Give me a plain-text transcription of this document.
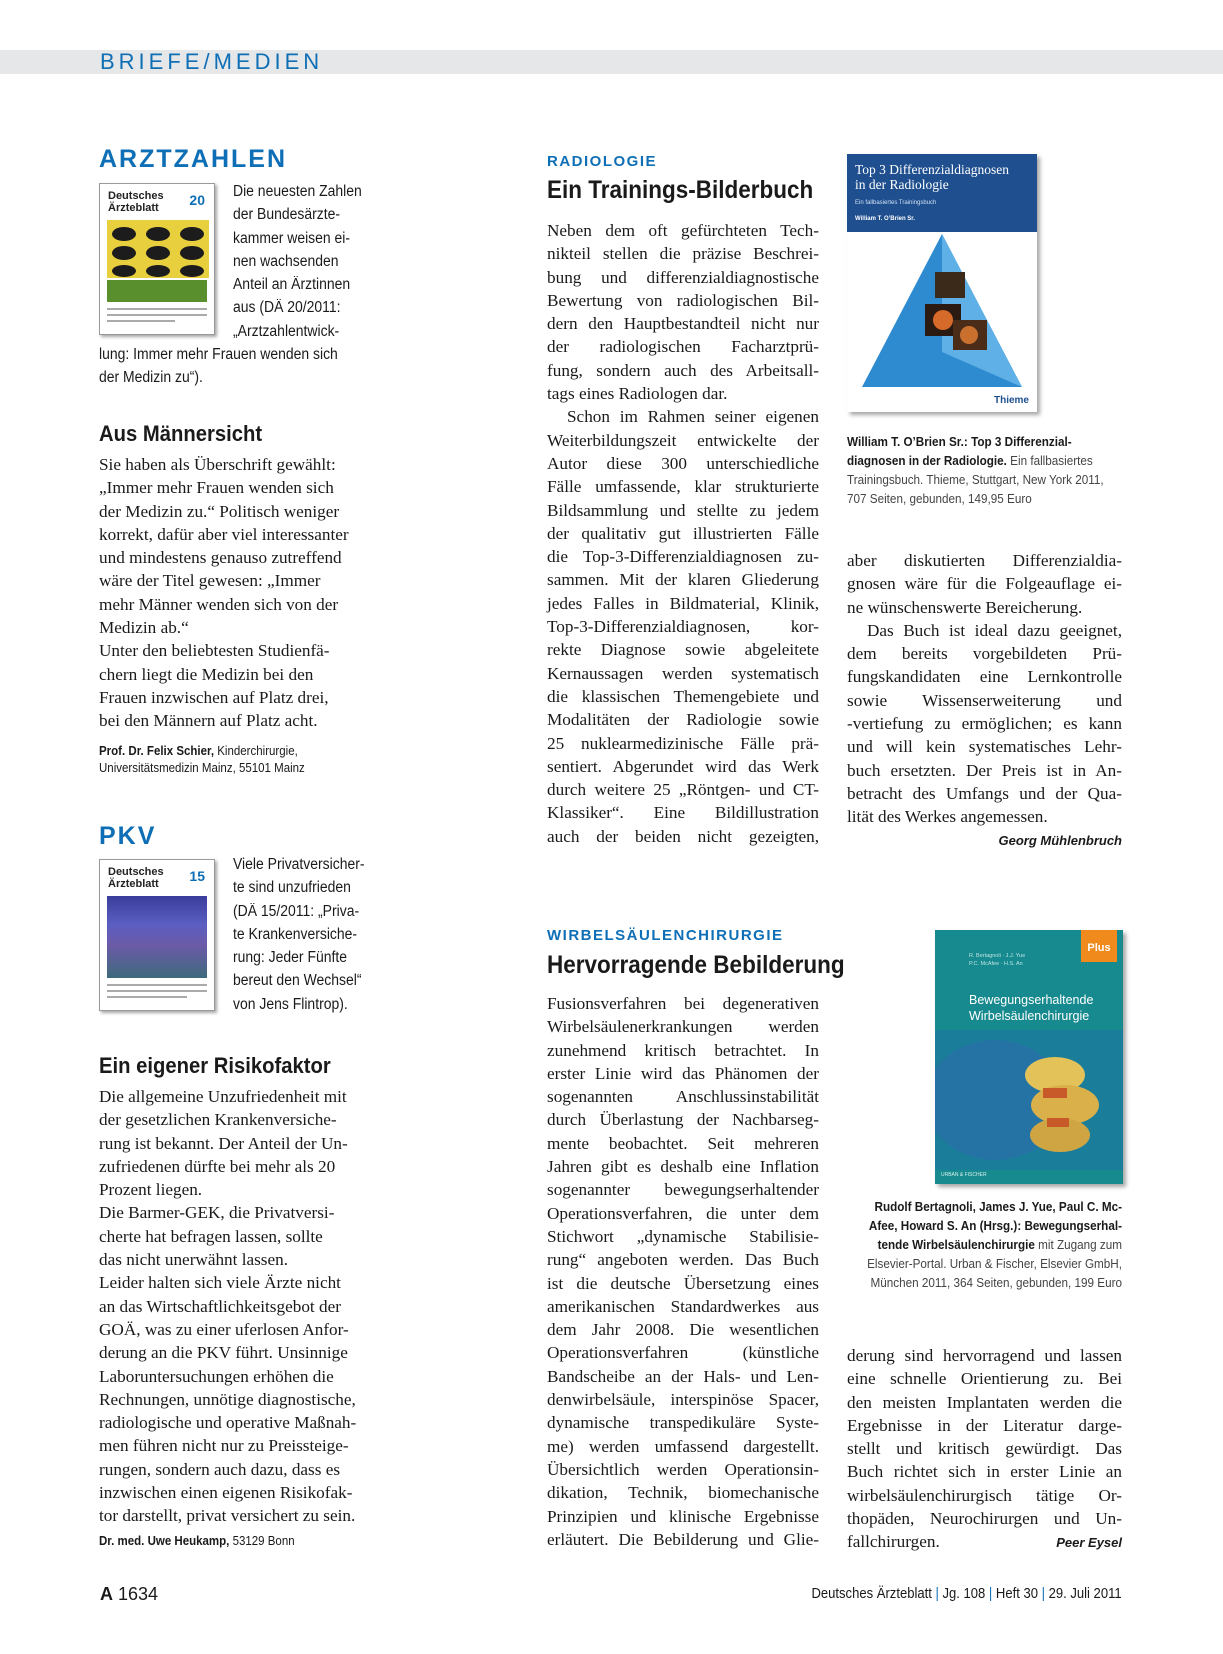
BRIEFE/MEDIEN
ARZTZAHLEN
Deutsches
Ärzteblatt	20 Die neuesten Zahlen

der Bundesärzte-

kammer weisen ei-

nen wachsenden

Anteil an Ärztinnen

aus (DÄ 20/2011:

„Arztzahlentwick-

lung: Immer mehr Frauen wenden sich

der Medizin zu“).

Aus Männersicht

Sie haben als Überschrift gewählt:

„Immer mehr Frauen wenden sich

der Medizin zu.“ Politisch weniger

korrekt, dafür aber viel interessanter

und mindestens genauso zutreffend

wäre der Titel gewesen: „Immer

mehr Männer wenden sich von der

Medizin ab.“

Unter den beliebtesten Studienfä-

chern liegt die Medizin bei den

Frauen inzwischen auf Platz drei,

bei den Männern auf Platz acht.

Prof. Dr. Felix Schier, Kinderchirurgie,

Universitätsmedizin Mainz, 55101 Mainz

PKV
Deutsches
Ärzteblatt	15

Viele Privatversicher-

te sind unzufrieden

(DÄ 15/2011: „Priva-

te Krankenversiche-

rung: Jeder Fünfte

bereut den Wechsel“

von Jens Flintrop).

Ein eigener Risikofaktor

Die allgemeine Unzufriedenheit mit

der gesetzlichen Krankenversiche-

rung ist bekannt. Der Anteil der Un-

zufriedenen dürfte bei mehr als 20

Prozent liegen.

Die Barmer-GEK, die Privatversi-

cherte hat befragen lassen, sollte

das nicht unerwähnt lassen.

Leider halten sich viele Ärzte nicht

an das Wirtschaftlichkeitsgebot der

GOÄ, was zu einer uferlosen Anfor-

derung an die PKV führt. Unsinnige

Laboruntersuchungen erhöhen die

Rechnungen, unnötige diagnostische,

radiologische und operative Maßnah-

men führen nicht nur zu Preissteige-

rungen, sondern auch dazu, dass es

inzwischen einen eigenen Risikofak-

tor darstellt, privat versichert zu sein.

Dr. med. Uwe Heukamp, 53129 Bonn

RADIOLOGIE
Ein Trainings-Bilderbuch

Neben dem oft gefürchteten Tech-

nikteil stellen die präzise Beschrei-

bung und differenzialdiagnostische

Bewertung von radiologischen Bil-

dern den Hauptbestandteil nicht nur

der radiologischen Facharztprü-

fung, sondern auch des Arbeitsall-

tags eines Radiologen dar.

Schon im Rahmen seiner eigenen

Weiterbildungszeit entwickelte der

Autor diese 300 unterschiedliche

Fälle umfassende, klar strukturierte

Bildsammlung und stellte zu jedem

der qualitativ gut illustrierten Fälle

die Top-3-Differenzialdiagnosen zu-

sammen. Mit der klaren Gliederung

jedes Falles in Bildmaterial, Klinik,

Top-3-Differenzialdiagnosen, kor-

rekte Diagnose sowie abgeleitete

Kernaussagen werden systematisch

die klassischen Themengebiete und

Modalitäten der Radiologie sowie

25 nuklearmedizinische Fälle prä-

sentiert. Abgerundet wird das Werk

durch weitere 25 „Röntgen- und CT-

Klassiker“. Eine Bildillustration

auch der beiden nicht gezeigten,

Top 3 Differenzialdiagnosen
in der Radiologie
Ein fallbasiertes Trainingsbuch
William T. O’Brien Sr.
Thieme

William T. O’Brien Sr.: Top 3 Differenzial-

diagnosen in der Radiologie. Ein fallbasiertes

Trainingsbuch. Thieme, Stuttgart, New York 2011,

707 Seiten, gebunden, 149,95 Euro

aber diskutierten Differenzialdia-

gnosen wäre für die Folgeauflage ei-

ne wünschenswerte Bereicherung.

Das Buch ist ideal dazu geeignet,

dem bereits vorgebildeten Prü-

fungskandidaten eine Lernkontrolle

sowie Wissenserweiterung und

-vertiefung zu ermöglichen; es kann

und will kein systematisches Lehr-

buch ersetzten. Der Preis ist in An-

betracht des Umfangs und der Qua-

lität des Werkes angemessen.

Georg Mühlenbruch
WIRBELSÄULENCHIRURGIE
Hervorragende Bebilderung

Fusionsverfahren bei degenerativen

Wirbelsäulenerkrankungen werden

zunehmend kritisch betrachtet. In

erster Linie wird das Phänomen der

sogenannten Anschlussinstabilität

durch Überlastung der Nachbarseg-

mente beobachtet. Seit mehreren

Jahren gibt es deshalb eine Inflation

sogenannter bewegungserhaltender

Operationsverfahren, die unter dem

Stichwort „dynamische Stabilisie-

rung“ angeboten werden. Das Buch

ist die deutsche Übersetzung eines

amerikanischen Standardwerkes aus

dem Jahr 2008. Die wesentlichen

Operationsverfahren (künstliche

Bandscheibe an der Hals- und Len-

denwirbelsäule, interspinöse Spacer,

dynamische transpedikuläre Syste-

me) werden umfassend dargestellt.

Übersichtlich werden Operationsin-

dikation, Technik, biomechanische

Prinzipien und klinische Ergebnisse

erläutert. Die Bebilderung und Glie-

R. Bertagnoli · J.J. Yue
P.C. McAfee · H.S. An
Plus
Bewegungserhaltende
Wirbelsäulenchirurgie
URBAN & FISCHER

Rudolf Bertagnoli, James J. Yue, Paul C. Mc-

Afee, Howard S. An (Hrsg.): Bewegungserhal-

tende Wirbelsäulenchirurgie mit Zugang zum

Elsevier-Portal. Urban & Fischer, Elsevier GmbH,

München 2011, 364 Seiten, gebunden, 199 Euro

derung sind hervorragend und lassen

eine schnelle Orientierung zu. Bei

den meisten Implantaten werden die

Ergebnisse in der Literatur darge-

stellt und kritisch gewürdigt. Das

Buch richtet sich in erster Linie an

wirbelsäulenchirurgisch tätige Or-

thopäden, Neurochirurgen und Un-

fallchirurgen.	Peer Eysel
A 1634	Deutsches Ärzteblatt | Jg. 108 | Heft 30 | 29. Juli 2011
